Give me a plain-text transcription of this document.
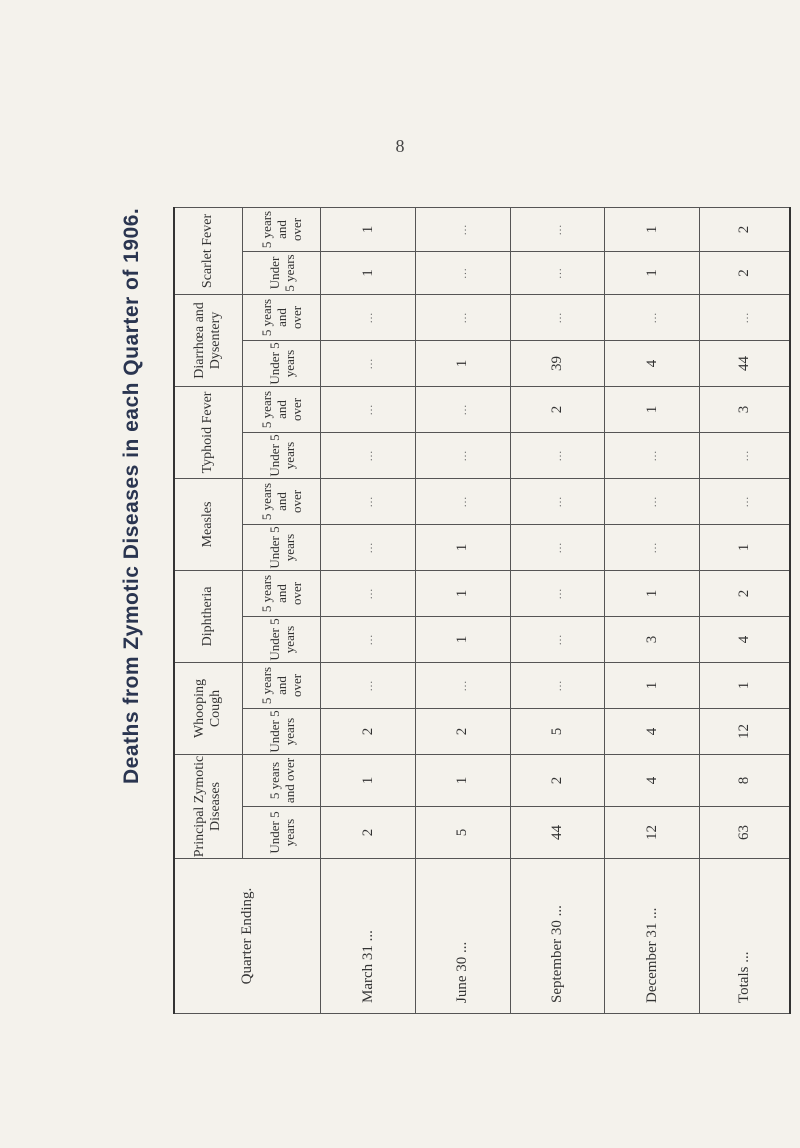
8
Deaths from Zymotic Diseases in each Quarter of 1906.
Quarter Ending.	Principal Zymotic Diseases		Whooping Cough		Diphtheria		Measles		Typhoid Fever		Diarrhœa and Dysentery		Scarlet Fever	
	Under 5 years	5 years and over	Under 5 years	5 years and over	Under 5 years	5 years and over	Under 5 years	5 years and over	Under 5 years	5 years and over	Under 5 years	5 years and over	Under 5 years	5 years and over
March 31 ...	2	1	2	...	...	...	...	...	...	...	...	...	1	1
June 30 ...	5	1	2	...	1	1	1	...	...	...	1	...	...	...
September 30 ...	44	2	5	...	...	...	...	...	...	2	39	...	...	...
December 31 ...	12	4	4	1	3	1	...	...	...	1	4	...	1	1
Totals ...	63	8	12	1	4	2	1	...	...	3	44	...	2	2
